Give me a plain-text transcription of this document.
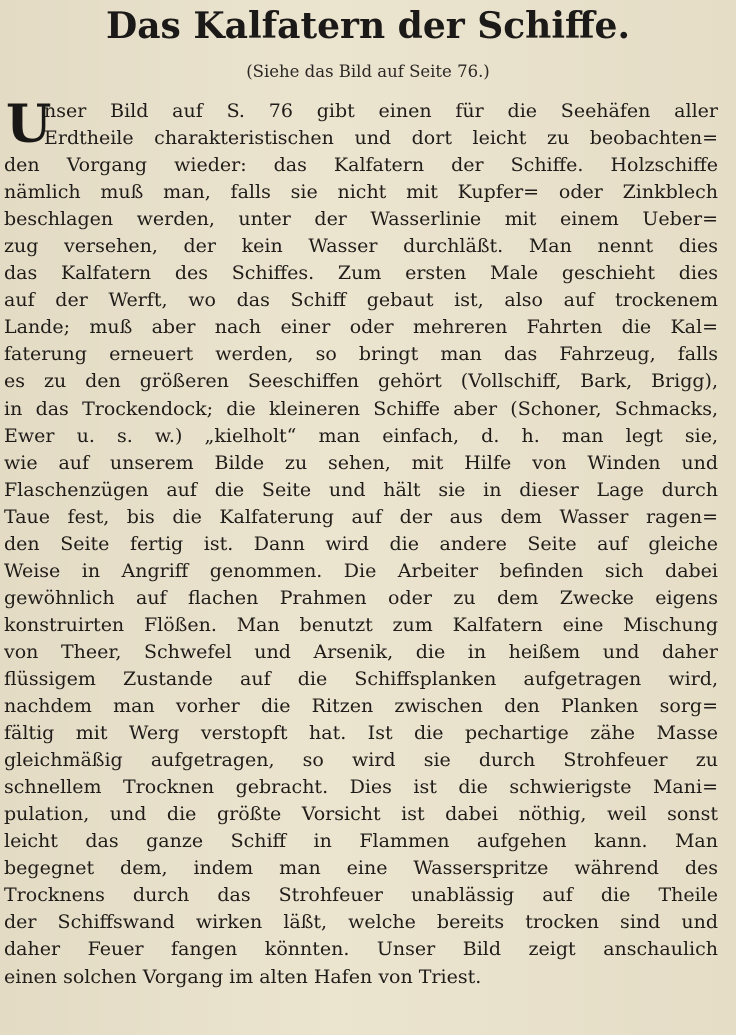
Das Kalfatern der Schiffe.
(Siehe das Bild auf Seite 76.)
U
nser Bild auf S. 76 gibt einen für die Seehäfen aller
Erdtheile charakteristischen und dort leicht zu beobachten=
den Vorgang wieder: das Kalfatern der Schiffe. Holzschiffe
nämlich muß man, falls sie nicht mit Kupfer= oder Zinkblech
beschlagen werden, unter der Wasserlinie mit einem Ueber=
zug versehen, der kein Wasser durchläßt. Man nennt dies
das Kalfatern des Schiffes. Zum ersten Male geschieht dies
auf der Werft, wo das Schiff gebaut ist, also auf trockenem
Lande; muß aber nach einer oder mehreren Fahrten die Kal=
faterung erneuert werden, so bringt man das Fahrzeug, falls
es zu den größeren Seeschiffen gehört (Vollschiff, Bark, Brigg),
in das Trockendock; die kleineren Schiffe aber (Schoner, Schmacks,
Ewer u. s. w.) „kielholt“ man einfach, d. h. man legt sie,
wie auf unserem Bilde zu sehen, mit Hilfe von Winden und
Flaschenzügen auf die Seite und hält sie in dieser Lage durch
Taue fest, bis die Kalfaterung auf der aus dem Wasser ragen=
den Seite fertig ist. Dann wird die andere Seite auf gleiche
Weise in Angriff genommen. Die Arbeiter befinden sich dabei
gewöhnlich auf flachen Prahmen oder zu dem Zwecke eigens
konstruirten Flößen. Man benutzt zum Kalfatern eine Mischung
von Theer, Schwefel und Arsenik, die in heißem und daher
flüssigem Zustande auf die Schiffsplanken aufgetragen wird,
nachdem man vorher die Ritzen zwischen den Planken sorg=
fältig mit Werg verstopft hat. Ist die pechartige zähe Masse
gleichmäßig aufgetragen, so wird sie durch Strohfeuer zu
schnellem Trocknen gebracht. Dies ist die schwierigste Mani=
pulation, und die größte Vorsicht ist dabei nöthig, weil sonst
leicht das ganze Schiff in Flammen aufgehen kann. Man
begegnet dem, indem man eine Wasserspritze während des
Trocknens durch das Strohfeuer unablässig auf die Theile
der Schiffswand wirken läßt, welche bereits trocken sind und
daher Feuer fangen könnten. Unser Bild zeigt anschaulich
einen solchen Vorgang im alten Hafen von Triest.
